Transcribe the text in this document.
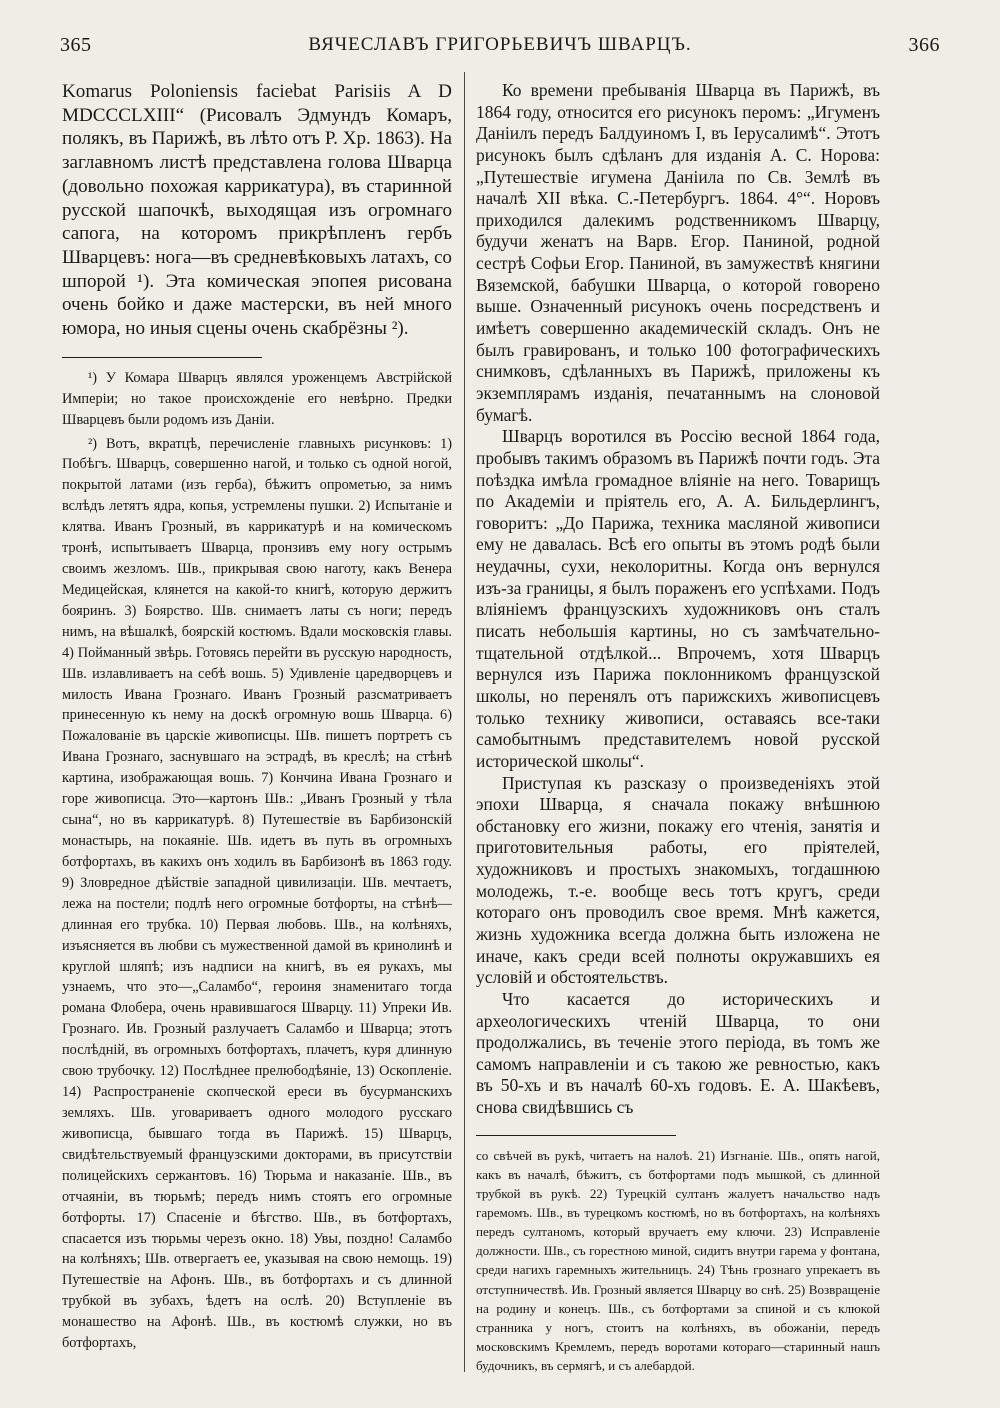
365	ВЯЧЕСЛАВЪ ГРИГОРЬЕВИЧЪ ШВАРЦЪ.	366

Komarus Poloniensis faciebat Parisiis A D MDCCCLXIII“ (Рисовалъ Эдмундъ Комаръ, полякъ, въ Парижѣ, въ лѣто отъ Р. Хр. 1863). На заглавномъ листѣ представлена голова Шварца (довольно похожая каррикатура), въ старинной русской шапочкѣ, выходящая изъ огромнаго сапога, на которомъ прикрѣпленъ гербъ Шварцевъ: нога—въ средневѣковыхъ латахъ, со шпорой ¹). Эта комическая эпопея рисована очень бойко и даже мастерски, въ ней много юмора, но иныя сцены очень скабрёзны ²).

¹) У Комара Шварцъ являлся уроженцемъ Австрійской Имперіи; но такое происхожденіе его невѣрно. Предки Шварцевъ были родомъ изъ Даніи.

²) Вотъ, вкратцѣ, перечисленіе главныхъ рисунковъ: 1) Побѣгъ. Шварцъ, совершенно нагой, и только съ одной ногой, покрытой латами (изъ герба), бѣжитъ опрометью, за нимъ вслѣдъ летятъ ядра, копья, устремлены пушки. 2) Испытаніе и клятва. Иванъ Грозный, въ каррикатурѣ и на комическомъ тронѣ, испытываетъ Шварца, пронзивъ ему ногу острымъ своимъ жезломъ. Шв., прикрывая свою наготу, какъ Венера Медицейская, клянется на какой-то книгѣ, которую держитъ бояринъ. 3) Боярство. Шв. снимаетъ латы съ ноги; передъ нимъ, на вѣшалкѣ, боярскій костюмъ. Вдали московскія главы. 4) Пойманный звѣрь. Готовясь перейти въ русскую народность, Шв. излавливаетъ на себѣ вошь. 5) Удивленіе царедворцевъ и милость Ивана Грознаго. Иванъ Грозный разсматриваетъ принесенную къ нему на доскѣ огромную вошь Шварца. 6) Пожалованіе въ царскіе живописцы. Шв. пишетъ портретъ съ Ивана Грознаго, заснувшаго на эстрадѣ, въ креслѣ; на стѣнѣ картина, изображающая вошь. 7) Кончина Ивана Грознаго и горе живописца. Это—картонъ Шв.: „Иванъ Грозный у тѣла сына“, но въ каррикатурѣ. 8) Путешествіе въ Барбизонскій монастырь, на покаяніе. Шв. идетъ въ путь въ огромныхъ ботфортахъ, въ какихъ онъ ходилъ въ Барбизонѣ въ 1863 году. 9) Зловредное дѣйствіе западной цивилизаціи. Шв. мечтаетъ, лежа на постели; подлѣ него огромные ботфорты, на стѣнѣ—длинная его трубка. 10) Первая любовь. Шв., на колѣняхъ, изъясняется въ любви съ мужественной дамой въ кринолинѣ и круглой шляпѣ; изъ надписи на книгѣ, въ ея рукахъ, мы узнаемъ, что это—„Саламбо“, героиня знаменитаго тогда романа Флобера, очень нравившагося Шварцу. 11) Упреки Ив. Грознаго. Ив. Грозный разлучаетъ Саламбо и Шварца; этотъ послѣдній, въ огромныхъ ботфортахъ, плачетъ, куря длинную свою трубочку. 12) Послѣднее прелюбодѣяніе, 13) Оскопленіе. 14) Распространеніе скопческой ереси въ бусурманскихъ земляхъ. Шв. уговариваетъ одного молодого русскаго живописца, бывшаго тогда въ Парижѣ. 15) Шварцъ, свидѣтельствуемый французскими докторами, въ присутствіи полицейскихъ сержантовъ. 16) Тюрьма и наказаніе. Шв., въ отчаяніи, въ тюрьмѣ; передъ нимъ стоятъ его огромные ботфорты. 17) Спасеніе и бѣгство. Шв., въ ботфортахъ, спасается изъ тюрьмы черезъ окно. 18) Увы, поздно! Саламбо на колѣняхъ; Шв. отвергаетъ ее, указывая на свою немощь. 19) Путешествіе на Афонъ. Шв., въ ботфортахъ и съ длинной трубкой въ зубахъ, ѣдетъ на ослѣ. 20) Вступленіе въ монашество на Афонѣ. Шв., въ костюмѣ служки, но въ ботфортахъ,

Ко времени пребыванія Шварца въ Парижѣ, въ 1864 году, относится его рисунокъ перомъ: „Игуменъ Даніилъ передъ Балдуиномъ I, въ Іерусалимѣ“. Этотъ рисунокъ былъ сдѣланъ для изданія А. С. Норова: „Путешествіе игумена Даніила по Св. Землѣ въ началѣ XII вѣка. С.-Петербургъ. 1864. 4°“. Норовъ приходился далекимъ родственникомъ Шварцу, будучи женатъ на Варв. Егор. Паниной, родной сестрѣ Софьи Егор. Паниной, въ замужествѣ княгини Вяземской, бабушки Шварца, о которой говорено выше. Означенный рисунокъ очень посредственъ и имѣетъ совершенно академическій складъ. Онъ не былъ гравированъ, и только 100 фотографическихъ снимковъ, сдѣланныхъ въ Парижѣ, приложены къ экземплярамъ изданія, печатаннымъ на слоновой бумагѣ.

Шварцъ воротился въ Россію весной 1864 года, пробывъ такимъ образомъ въ Парижѣ почти годъ. Эта поѣздка имѣла громадное вліяніе на него. Товарищъ по Академіи и пріятель его, А. А. Бильдерлингъ, говоритъ: „До Парижа, техника масляной живописи ему не давалась. Всѣ его опыты въ этомъ родѣ были неудачны, сухи, неколоритны. Когда онъ вернулся изъ-за границы, я былъ пораженъ его успѣхами. Подъ вліяніемъ французскихъ художниковъ онъ сталъ писать небольшія картины, но съ замѣчательно-тщательной отдѣлкой... Впрочемъ, хотя Шварцъ вернулся изъ Парижа поклонникомъ французской школы, но перенялъ отъ парижскихъ живописцевъ только технику живописи, оставаясь все-таки самобытнымъ представителемъ новой русской исторической школы“.

Приступая къ разсказу о произведеніяхъ этой эпохи Шварца, я сначала покажу внѣшнюю обстановку его жизни, покажу его чтенія, занятія и приготовительныя работы, его пріятелей, художниковъ и простыхъ знакомыхъ, тогдашнюю молодежь, т.-е. вообще весь тотъ кругъ, среди котораго онъ проводилъ свое время. Мнѣ кажется, жизнь художника всегда должна быть изложена не иначе, какъ среди всей полноты окружавшихъ ея условій и обстоятельствъ.

Что касается до историческихъ и археологическихъ чтеній Шварца, то они продолжались, въ теченіе этого періода, въ томъ же самомъ направленіи и съ такою же ревностью, какъ въ 50-хъ и въ началѣ 60-хъ годовъ. Е. А. Шакѣевъ, снова свидѣвшись съ

со свѣчей въ рукѣ, читаетъ на налоѣ. 21) Изгнаніе. Шв., опять нагой, какъ въ началѣ, бѣжитъ, съ ботфортами подъ мышкой, съ длинной трубкой въ рукѣ. 22) Турецкій султанъ жалуетъ начальство надъ гаремомъ. Шв., въ турецкомъ костюмѣ, но въ ботфортахъ, на колѣняхъ передъ султаномъ, который вручаетъ ему ключи. 23) Исправленіе должности. Шв., съ горестною миной, сидитъ внутри гарема у фонтана, среди нагихъ гаремныхъ жительницъ. 24) Тѣнь грознаго упрекаетъ въ отступничествѣ. Ив. Грозный является Шварцу во снѣ. 25) Возвращеніе на родину и конецъ. Шв., съ ботфортами за спиной и съ клюкой странника у ногъ, стоитъ на колѣняхъ, въ обожаніи, передъ московскимъ Кремлемъ, передъ воротами котораго—старинный нашъ будочникъ, въ сермягѣ, и съ алебардой.
